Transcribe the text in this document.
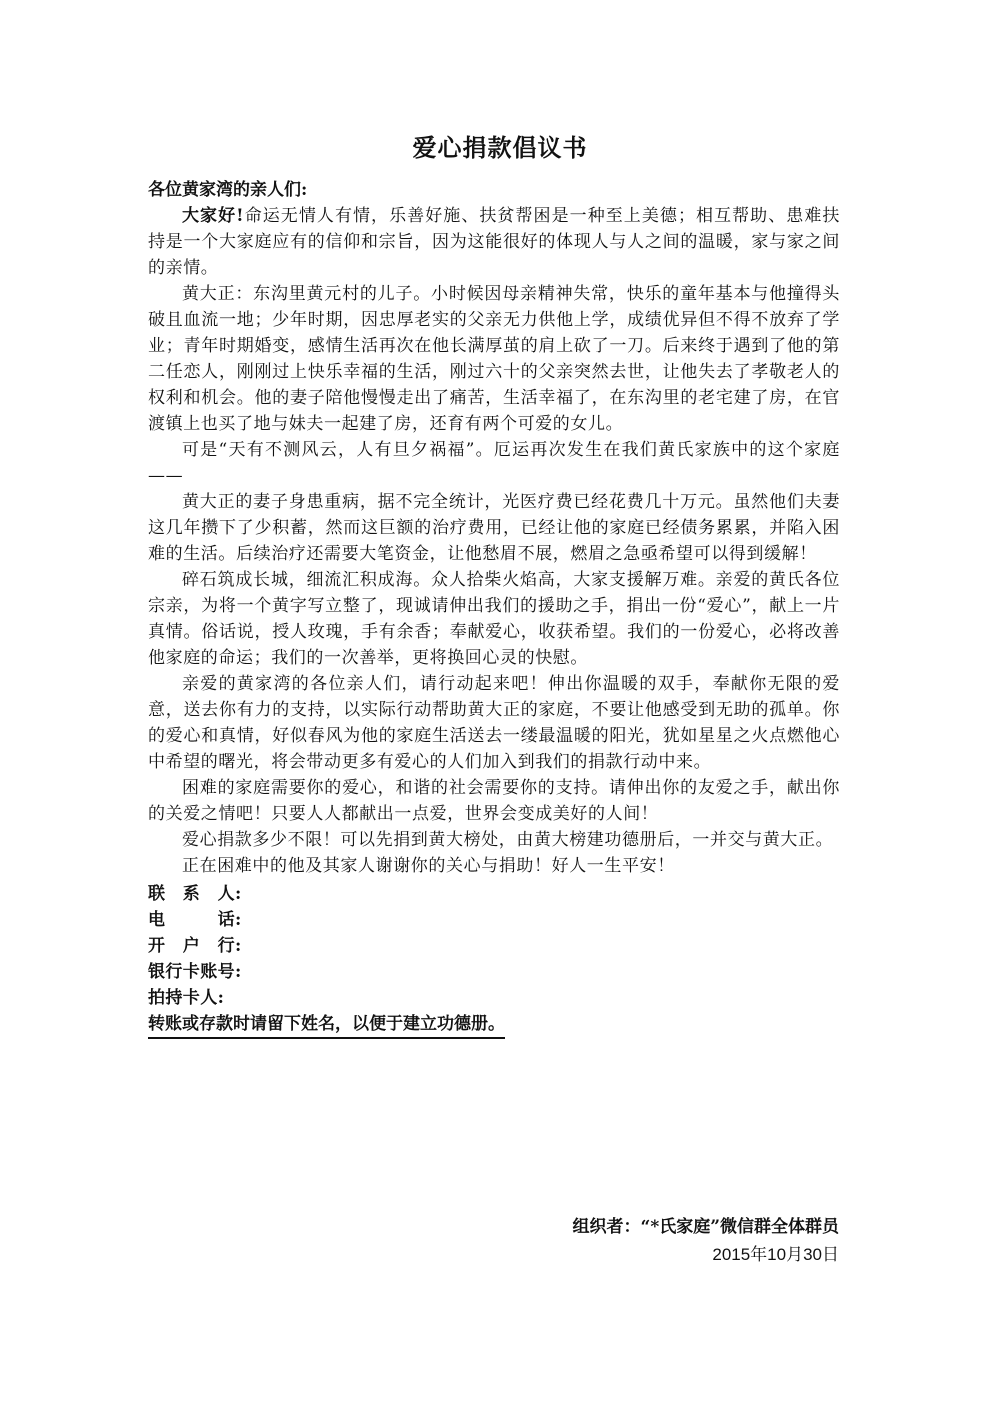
爱心捐款倡议书

各位黄家湾的亲人们:

大家好!命运无情人有情，乐善好施、扶贫帮困是一种至上美德；相互帮助、患难扶持是一个大家庭应有的信仰和宗旨，因为这能很好的体现人与人之间的温暖，家与家之间的亲情。

黄大正：东沟里黄元村的儿子。小时候因母亲精神失常，快乐的童年基本与他撞得头破且血流一地；少年时期，因忠厚老实的父亲无力供他上学，成绩优异但不得不放弃了学业；青年时期婚变，感情生活再次在他长满厚茧的肩上砍了一刀。后来终于遇到了他的第二任恋人，刚刚过上快乐幸福的生活，刚过六十的父亲突然去世，让他失去了孝敬老人的权利和机会。他的妻子陪他慢慢走出了痛苦，生活幸福了，在东沟里的老宅建了房，在官渡镇上也买了地与妹夫一起建了房，还育有两个可爱的女儿。

可是“天有不测风云，人有旦夕祸福”。厄运再次发生在我们黄氏家族中的这个家庭——

黄大正的妻子身患重病，据不完全统计，光医疗费已经花费几十万元。虽然他们夫妻这几年攒下了少积蓄，然而这巨额的治疗费用，已经让他的家庭已经债务累累，并陷入困难的生活。后续治疗还需要大笔资金，让他愁眉不展，燃眉之急亟希望可以得到缓解！

碎石筑成长城，细流汇积成海。众人拾柴火焰高，大家支援解万难。亲爱的黄氏各位宗亲，为将一个黄字写立整了，现诚请伸出我们的援助之手，捐出一份“爱心”，献上一片真情。俗话说，授人玫瑰，手有余香；奉献爱心，收获希望。我们的一份爱心，必将改善他家庭的命运；我们的一次善举，更将换回心灵的快慰。

亲爱的黄家湾的各位亲人们，请行动起来吧！伸出你温暖的双手，奉献你无限的爱意，送去你有力的支持，以实际行动帮助黄大正的家庭，不要让他感受到无助的孤单。你的爱心和真情，好似春风为他的家庭生活送去一缕最温暖的阳光，犹如星星之火点燃他心中希望的曙光，将会带动更多有爱心的人们加入到我们的捐款行动中来。

困难的家庭需要你的爱心，和谐的社会需要你的支持。请伸出你的友爱之手，献出你的关爱之情吧！只要人人都献出一点爱，世界会变成美好的人间！

爱心捐款多少不限！可以先捐到黄大榜处，由黄大榜建功德册后，一并交与黄大正。

正在困难中的他及其家人谢谢你的关心与捐助！好人一生平安！

联　系　人:

电　　　话:

开　户　行:

银行卡账号:

拍持卡人:

转账或存款时请留下姓名，以便于建立功德册。

组织者：“*氏家庭”微信群全体群员
2015年10月30日
